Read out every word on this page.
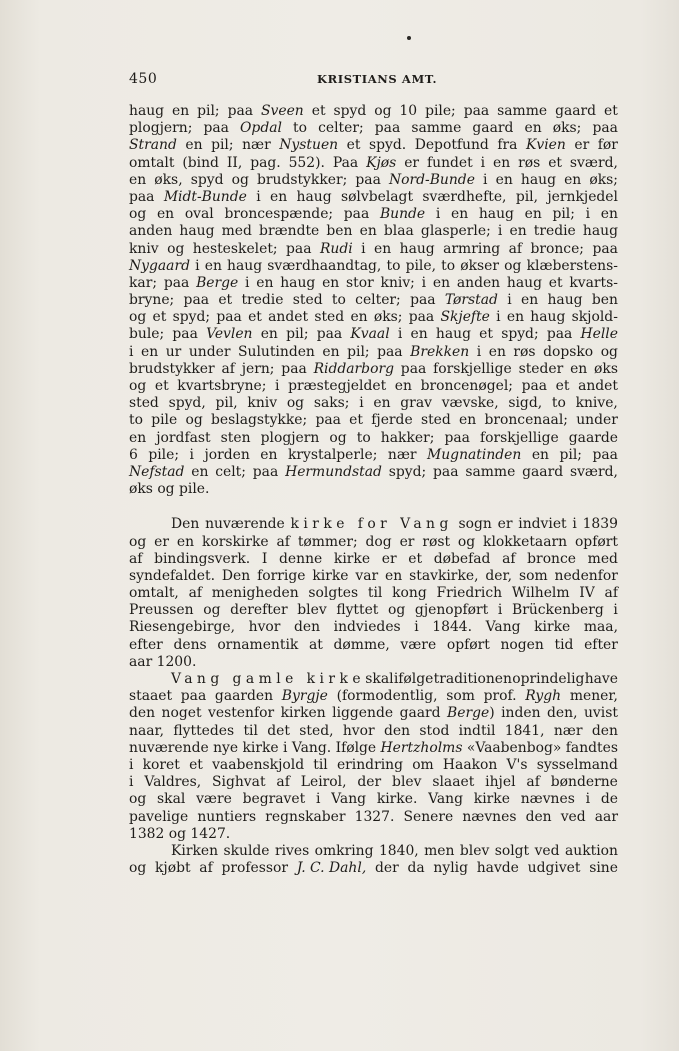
450	KRISTIANS AMT.
haug en pil; paa Sveen et spyd og 10 pile; paa samme gaard et
plogjern; paa Opdal to celter; paa samme gaard en øks; paa
Strand en pil; nær Nystuen et spyd. Depotfund fra Kvien er før
omtalt (bind II, pag. 552). Paa Kjøs er fundet i en røs et sværd,
en øks, spyd og brudstykker; paa Nord-Bunde i en haug en øks;
paa Midt-Bunde i en haug sølvbelagt sværdhefte, pil, jernkjedel
og en oval broncespænde; paa Bunde i en haug en pil; i en
anden haug med brændte ben en blaa glasperle; i en tredie haug
kniv og hesteskelet; paa Rudi i en haug armring af bronce; paa
Nygaard i en haug sværdhaandtag, to pile, to økser og klæberstens-
kar; paa Berge i en haug en stor kniv; i en anden haug et kvarts-
bryne; paa et tredie sted to celter; paa Tørstad i en haug ben
og et spyd; paa et andet sted en øks; paa Skjefte i en haug skjold-
bule; paa Vevlen en pil; paa Kvaal i en haug et spyd; paa Helle
i en ur under Sulutinden en pil; paa Brekken i en røs dopsko og
brudstykker af jern; paa Riddarborg paa forskjellige steder en øks
og et kvartsbryne; i præstegjeldet en broncenøgel; paa et andet
sted spyd, pil, kniv og saks; i en grav vævske, sigd, to knive,
to pile og beslagstykke; paa et fjerde sted en broncenaal; under
en jordfast sten plogjern og to hakker; paa forskjellige gaarde
6 pile; i jorden en krystalperle; nær Mugnatinden en pil; paa
Nefstad en celt; paa Hermundstad spyd; paa samme gaard sværd,
øks og pile.
Den nuværende kirke for Vang sogn er indviet i 1839
og er en korskirke af tømmer; dog er røst og klokketaarn opført
af bindingsverk. I denne kirke er et døbefad af bronce med
syndefaldet. Den forrige kirke var en stavkirke, der, som nedenfor
omtalt, af menigheden solgtes til kong Friedrich Wilhelm IV af
Preussen og derefter blev flyttet og gjenopført i Brückenberg i
Riesengebirge, hvor den indviedes i 1844. Vang kirke maa,
efter dens ornamentik at dømme, være opført nogen tid efter
aar 1200.
Vang gamle kirke skal ifølge traditionen oprindelig have
staaet paa gaarden Byrgje (formodentlig, som prof. Rygh mener,
den noget vestenfor kirken liggende gaard Berge) inden den, uvist
naar, flyttedes til det sted, hvor den stod indtil 1841, nær den
nuværende nye kirke i Vang. Ifølge Hertzholms «Vaabenbog» fandtes
i koret et vaabenskjold til erindring om Haakon V's sysselmand
i Valdres, Sighvat af Leirol, der blev slaaet ihjel af bønderne
og skal være begravet i Vang kirke. Vang kirke nævnes i de
pavelige nuntiers regnskaber 1327. Senere nævnes den ved aar
1382 og 1427.
Kirken skulde rives omkring 1840, men blev solgt ved auktion
og kjøbt af professor J. C. Dahl, der da nylig havde udgivet sine
